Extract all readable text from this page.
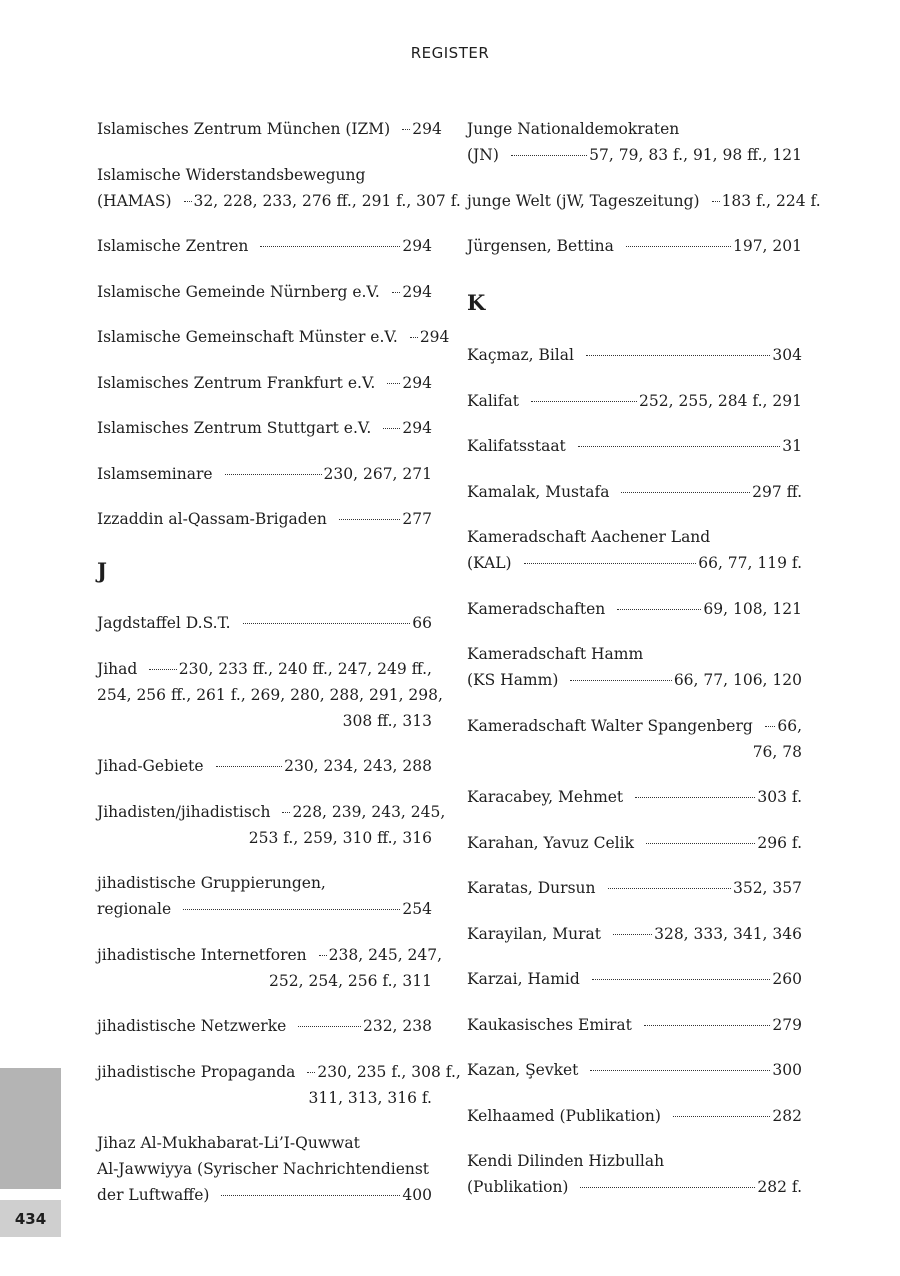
REGISTER
Islamisches Zentrum München (IZM) 294
Islamische Widerstandsbewegung
(HAMAS) 32, 228, 233, 276 ff., 291 f., 307 f.
Islamische Zentren	294
Islamische Gemeinde Nürnberg e.V. 294
Islamische Gemeinschaft Münster e.V. 294
Islamisches Zentrum Frankfurt e.V. 294
Islamisches Zentrum Stuttgart e.V. 294
Islamseminare	230, 267, 271
Izzaddin al-Qassam-Brigaden	277
J
Jagdstaffel D.S.T.	66
Jihad	230, 233 ff., 240 ff., 247, 249 ff.,
254, 256 ff., 261 f., 269, 280, 288, 291, 298,
308 ff., 313
Jihad-Gebiete	230, 234, 243, 288
Jihadisten/jihadistisch 228, 239, 243, 245,
253 f., 259, 310 ff., 316
jihadistische Gruppierungen,
regionale	254
jihadistische Internetforen 238, 245, 247,
252, 254, 256 f., 311
jihadistische Netzwerke	232, 238
jihadistische Propaganda 230, 235 f., 308 f.,
311, 313, 316 f.
Jihaz Al-Mukhabarat-Li’I-Quwwat
Al-Jawwiyya (Syrischer Nachrichtendienst
der Luftwaffe)	400
Junge Nationaldemokraten
(JN)	57, 79, 83 f., 91, 98 ff., 121
junge Welt (jW, Tageszeitung) 183 f., 224 f.
Jürgensen, Bettina	197, 201
K
Kaçmaz, Bilal	304
Kalifat	252, 255, 284 f., 291
Kalifatsstaat	31
Kamalak, Mustafa	297 ff.
Kameradschaft Aachener Land
(KAL)	66, 77, 119 f.
Kameradschaften	69, 108, 121
Kameradschaft Hamm
(KS Hamm)	66, 77, 106, 120
Kameradschaft Walter Spangenberg 66,
76, 78
Karacabey, Mehmet	303 f.
Karahan, Yavuz Celik	296 f.
Karatas, Dursun	352, 357
Karayilan, Murat	328, 333, 341, 346
Karzai, Hamid	260
Kaukasisches Emirat	279
Kazan, Şevket	300
Kelhaamed (Publikation)	282
Kendi Dilinden Hizbullah
(Publikation)	282 f.
434
